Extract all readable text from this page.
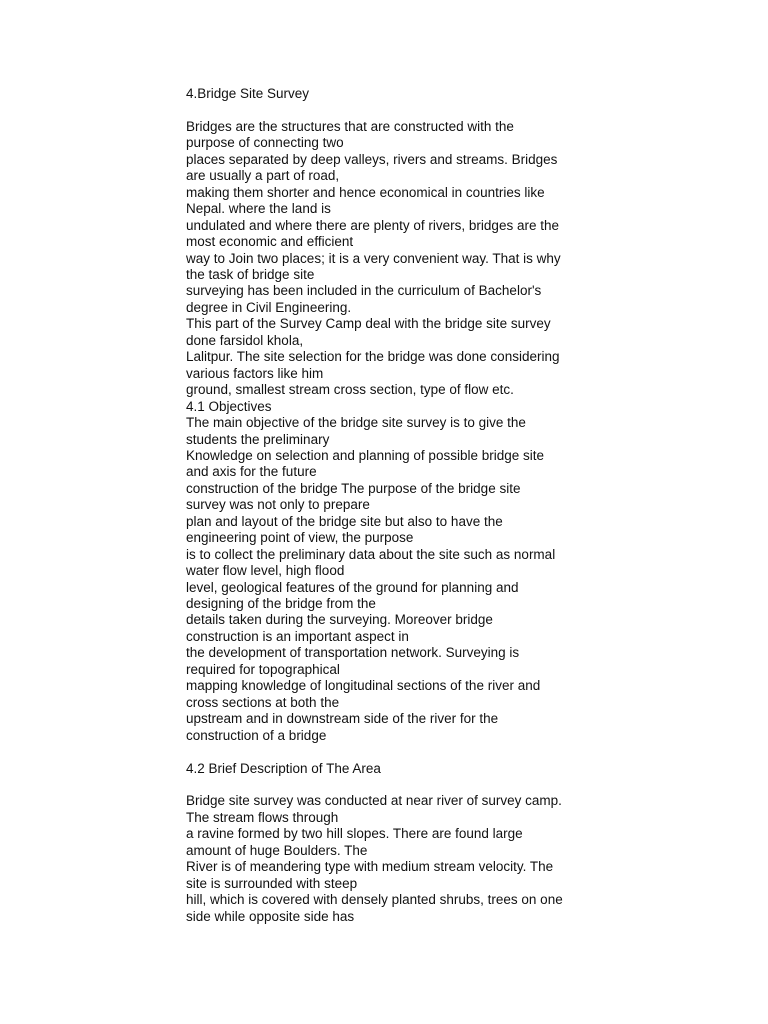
4.Bridge Site Survey
Bridges are the structures that are constructed with the
purpose of connecting two
places separated by deep valleys, rivers and streams. Bridges
are usually a part of road,
making them shorter and hence economical in countries like
Nepal. where the land is
undulated and where there are plenty of rivers, bridges are the
most economic and efficient
way to Join two places; it is a very convenient way. That is why
the task of bridge site
surveying has been included in the curriculum of Bachelor's
degree in Civil Engineering.
This part of the Survey Camp deal with the bridge site survey
done farsidol khola,
Lalitpur. The site selection for the bridge was done considering
various factors like him
ground, smallest stream cross section, type of flow etc.
4.1 Objectives
The main objective of the bridge site survey is to give the
students the preliminary
Knowledge on selection and planning of possible bridge site
and axis for the future
construction of the bridge The purpose of the bridge site
survey was not only to prepare
plan and layout of the bridge site but also to have the
engineering point of view, the purpose
is to collect the preliminary data about the site such as normal
water flow level, high flood
level, geological features of the ground for planning and
designing of the bridge from the
details taken during the surveying. Moreover bridge
construction is an important aspect in
the development of transportation network. Surveying is
required for topographical
mapping knowledge of longitudinal sections of the river and
cross sections at both the
upstream and in downstream side of the river for the
construction of a bridge
4.2 Brief Description of The Area
Bridge site survey was conducted at near river of survey camp.
The stream flows through
a ravine formed by two hill slopes. There are found large
amount of huge Boulders. The
River is of meandering type with medium stream velocity. The
site is surrounded with steep
hill, which is covered with densely planted shrubs, trees on one
side while opposite side has
